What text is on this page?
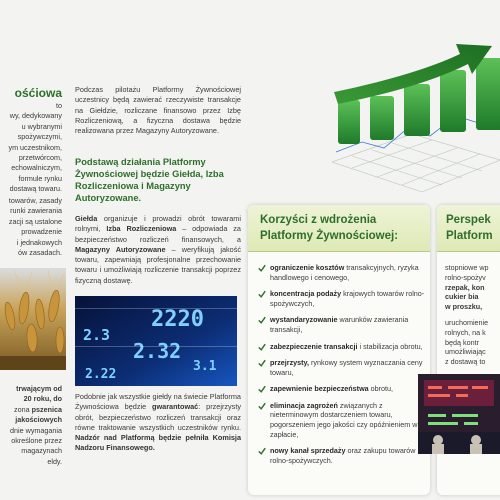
ośćiowa
to
wy, dedykowany
u wybranymi
spożywczymi,
ym uczestnikom,
przetwórcom,
echowalniczym,
formule rynku
dostawą towaru.
towarów, zasady
runki zawierania
zacji są ustalone
prowadzenie
i jednakowych
ów zasadach.
trwającym od
20 roku, do
zona pszenica
jakościowych
dnie wymagania
określone przez
magazynach
eldy.
Podczas pilotażu Platformy Żywnościowej uczestnicy będą zawierać rzeczywiste transakcje na Giełdzie, rozliczane finansowo przez Izbę Rozliczeniową, a fizyczna dostawa będzie realizowana przez Magazyny Autoryzowane.
Podstawą działania Platformy Żywnościowej będzie Giełda, Izba Rozliczeniowa i Magazyny Autoryzowane.
Giełda organizuje i prowadzi obrót towarami rolnymi, Izba Rozliczeniowa – odpowiada za bezpieczeństwo rozliczeń finansowych, a Magazyny Autoryzowane – weryfikują jakość towaru, zapewniają profesjonalne przechowanie towaru i umożliwiają rozliczenie transakcji poprzez fizyczną dostawę.
2220
2.3
2.32
3.1
2.22
Podobnie jak wszystkie giełdy na świecie Platforma Żywnościowa będzie gwarantować: przejrzysty obrót, bezpieczeństwo rozliczeń transakcji oraz równe traktowanie wszystkich uczestników rynku. Nadzór nad Platformą będzie pełniła Komisja Nadzoru Finansowego.
Korzyści z wdrożenia
Platformy Żywnościowej:
ograniczenie kosztów transakcyjnych, ryzyka handlowego i cenowego,
koncentracja podaży krajowych towarów rolno-spożywczych,
wystandaryzowanie warunków zawierania transakcji,
zabezpieczenie transakcji i stabilizacja obrotu,
przejrzysty, rynkowy system wyznaczania ceny towaru,
zapewnienie bezpieczeństwa obrotu,
eliminacja zagrożeń związanych z nieterminowym dostarczeniem towaru, pogorszeniem jego jakości czy opóźnieniem w zapłacie,
nowy kanał sprzedaży oraz zakupu towarów rolno-spożywczych.
Perspek
Platform
stopniowe wp
rolno-spożyv
rzepak, kon
cukier bia
w proszku,
uruchomienie
rolnych, na k
będą kontr
umożliwiając
z dostawą to
